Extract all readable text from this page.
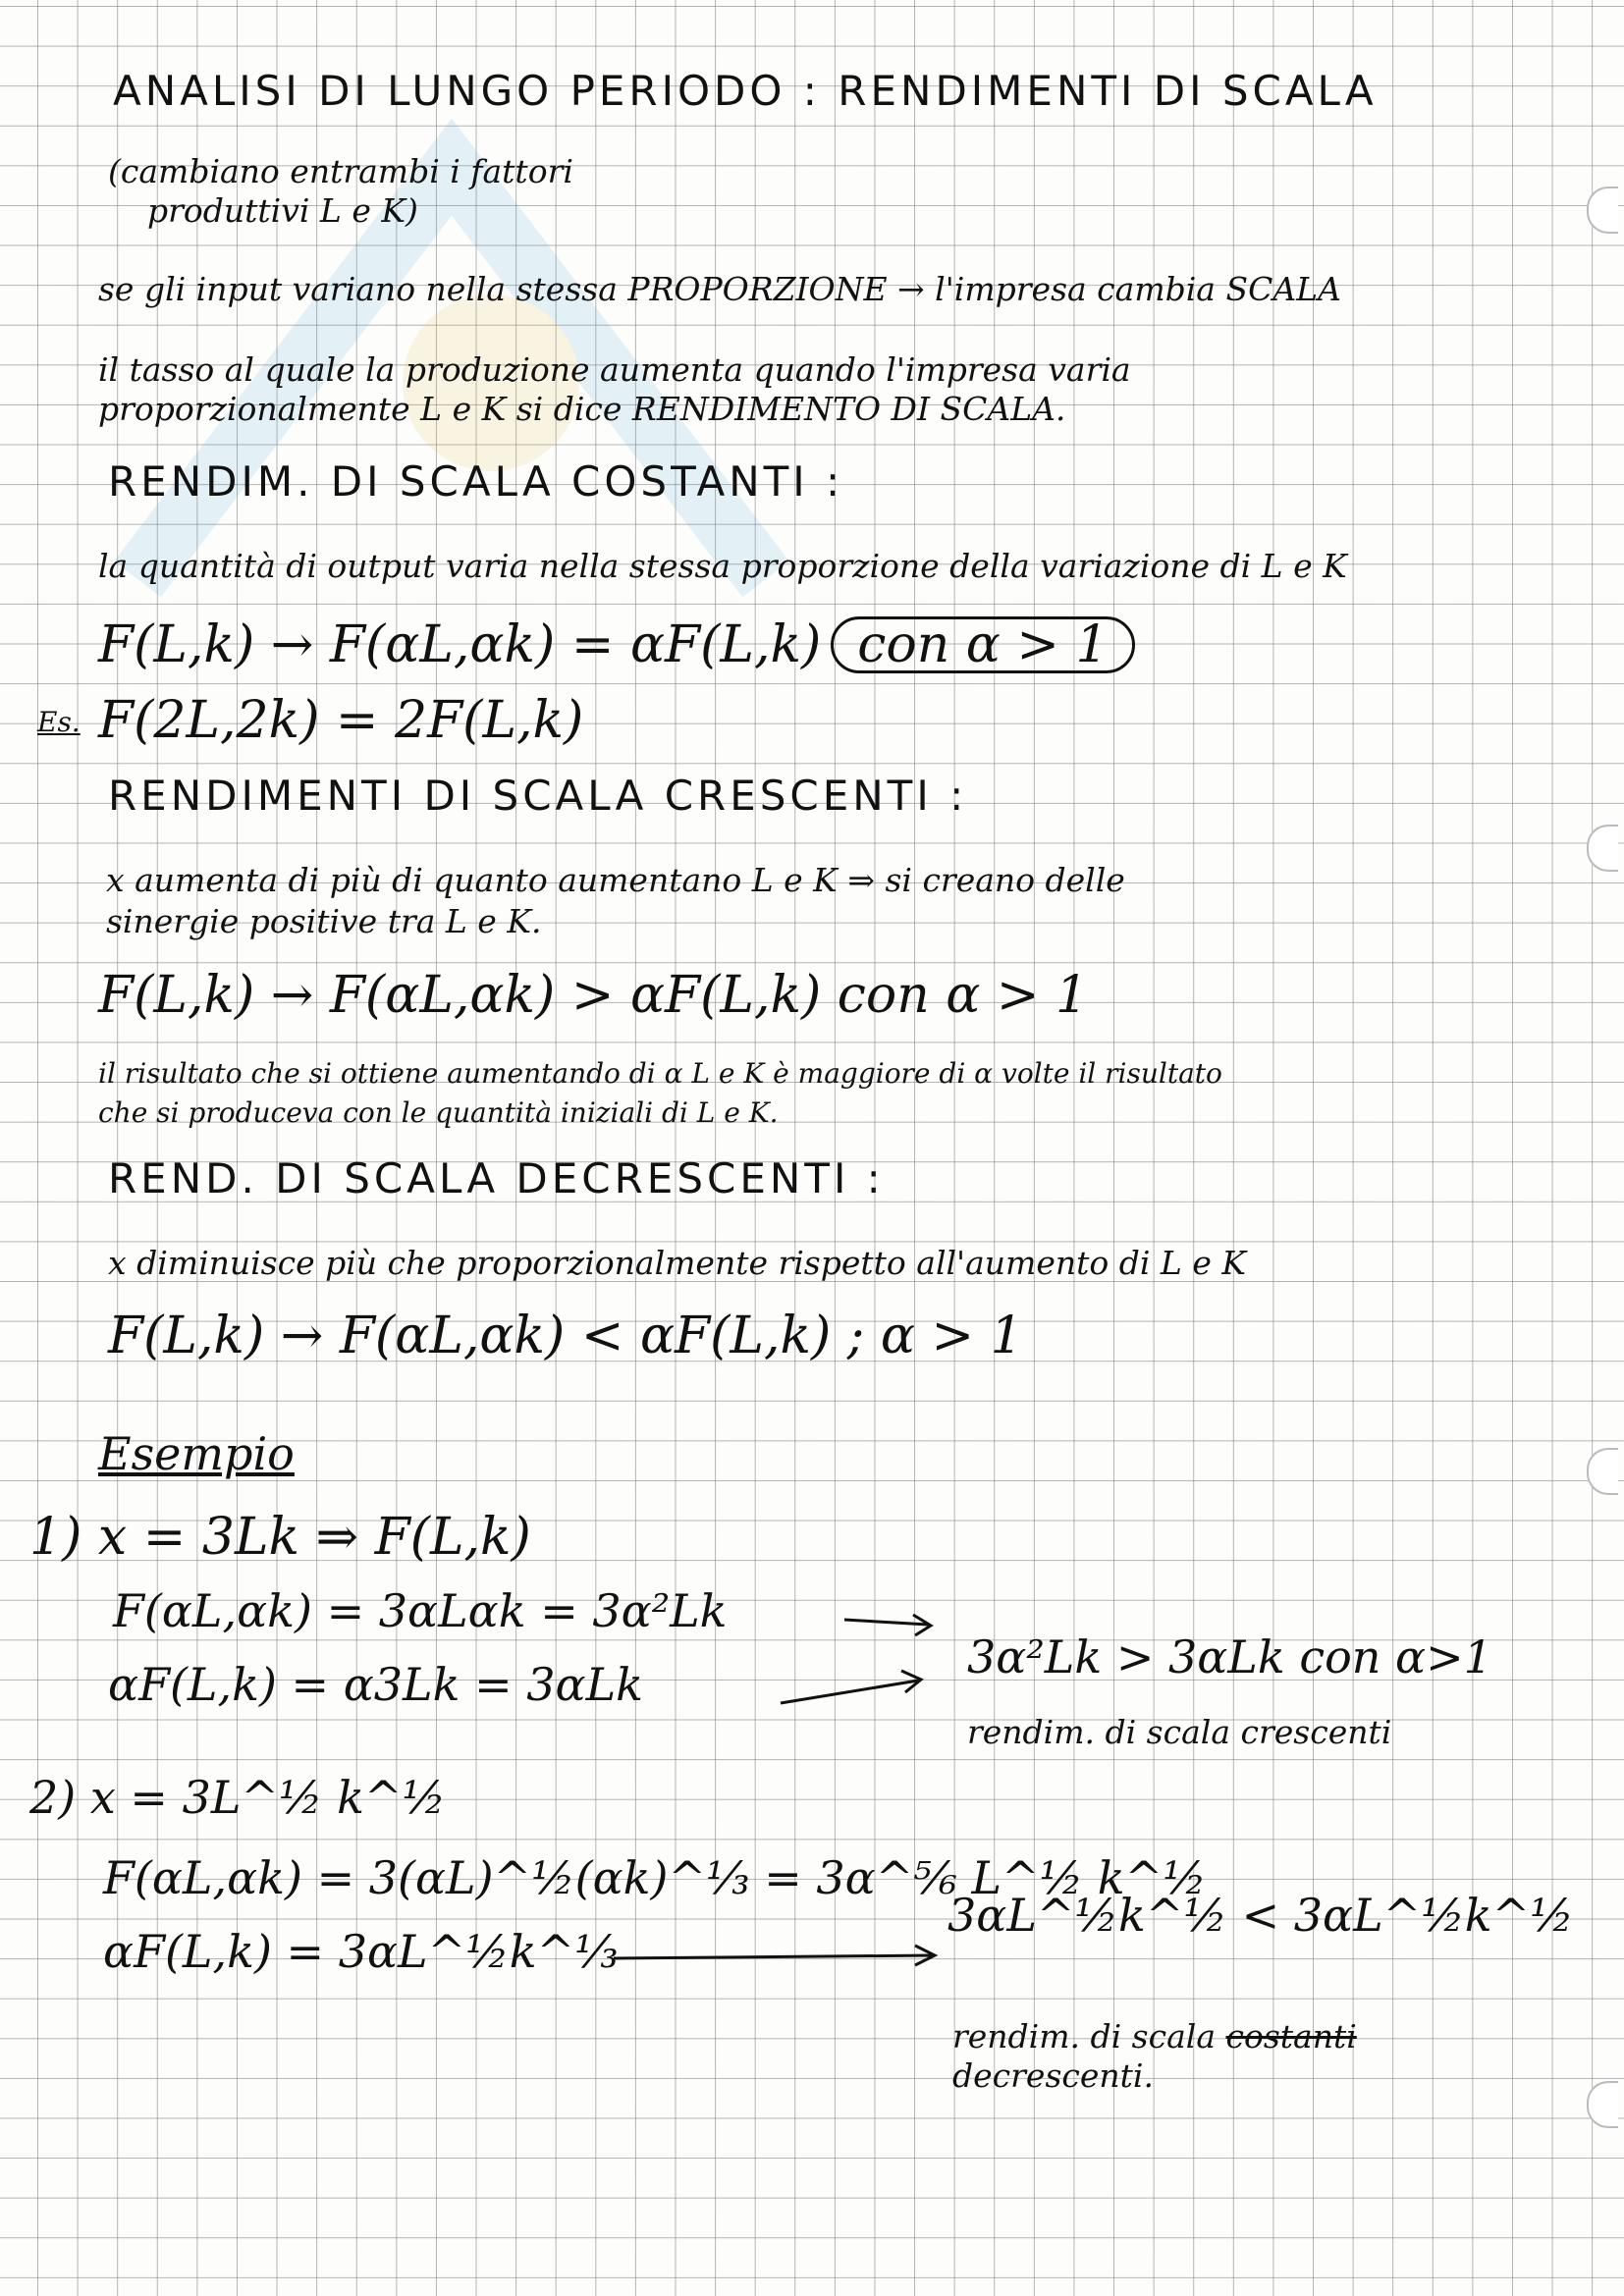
ANALISI DI LUNGO PERIODO : RENDIMENTI DI SCALA
(cambiano entrambi i fattori
produttivi L e K)
se gli input variano nella stessa PROPORZIONE → l'impresa cambia SCALA
il tasso al quale la produzione aumenta quando l'impresa varia
proporzionalmente L e K si dice RENDIMENTO DI SCALA.
RENDIM. DI SCALA COSTANTI :
la quantità di output varia nella stessa proporzione della variazione di L e K
F(L,k) → F(αL,αk) = αF(L,k) con α > 1
Es. F(2L,2k) = 2F(L,k)
RENDIMENTI DI SCALA CRESCENTI :
x aumenta di più di quanto aumentano L e K ⇒ si creano delle
sinergie positive tra L e K.
F(L,k) → F(αL,αk) > αF(L,k) con α > 1
il risultato che si ottiene aumentando di α L e K è maggiore di α volte il risultato
che si produceva con le quantità iniziali di L e K.
REND. DI SCALA DECRESCENTI :
x diminuisce più che proporzionalmente rispetto all'aumento di L e K
F(L,k) → F(αL,αk) < αF(L,k) ; α > 1
Esempio
1) x = 3Lk ⇒ F(L,k)
F(αL,αk) = 3αLαk = 3α²Lk
αF(L,k) = α3Lk = 3αLk
3α²Lk > 3αLk con α>1
rendim. di scala crescenti
2) x = 3L^½ k^½
F(αL,αk) = 3(αL)^½(αk)^⅓ = 3α^⅚ L^½ k^½
αF(L,k) = 3αL^½k^⅓
3αL^½k^½ < 3αL^½k^½
rendim. di scala costanti
decrescenti.
